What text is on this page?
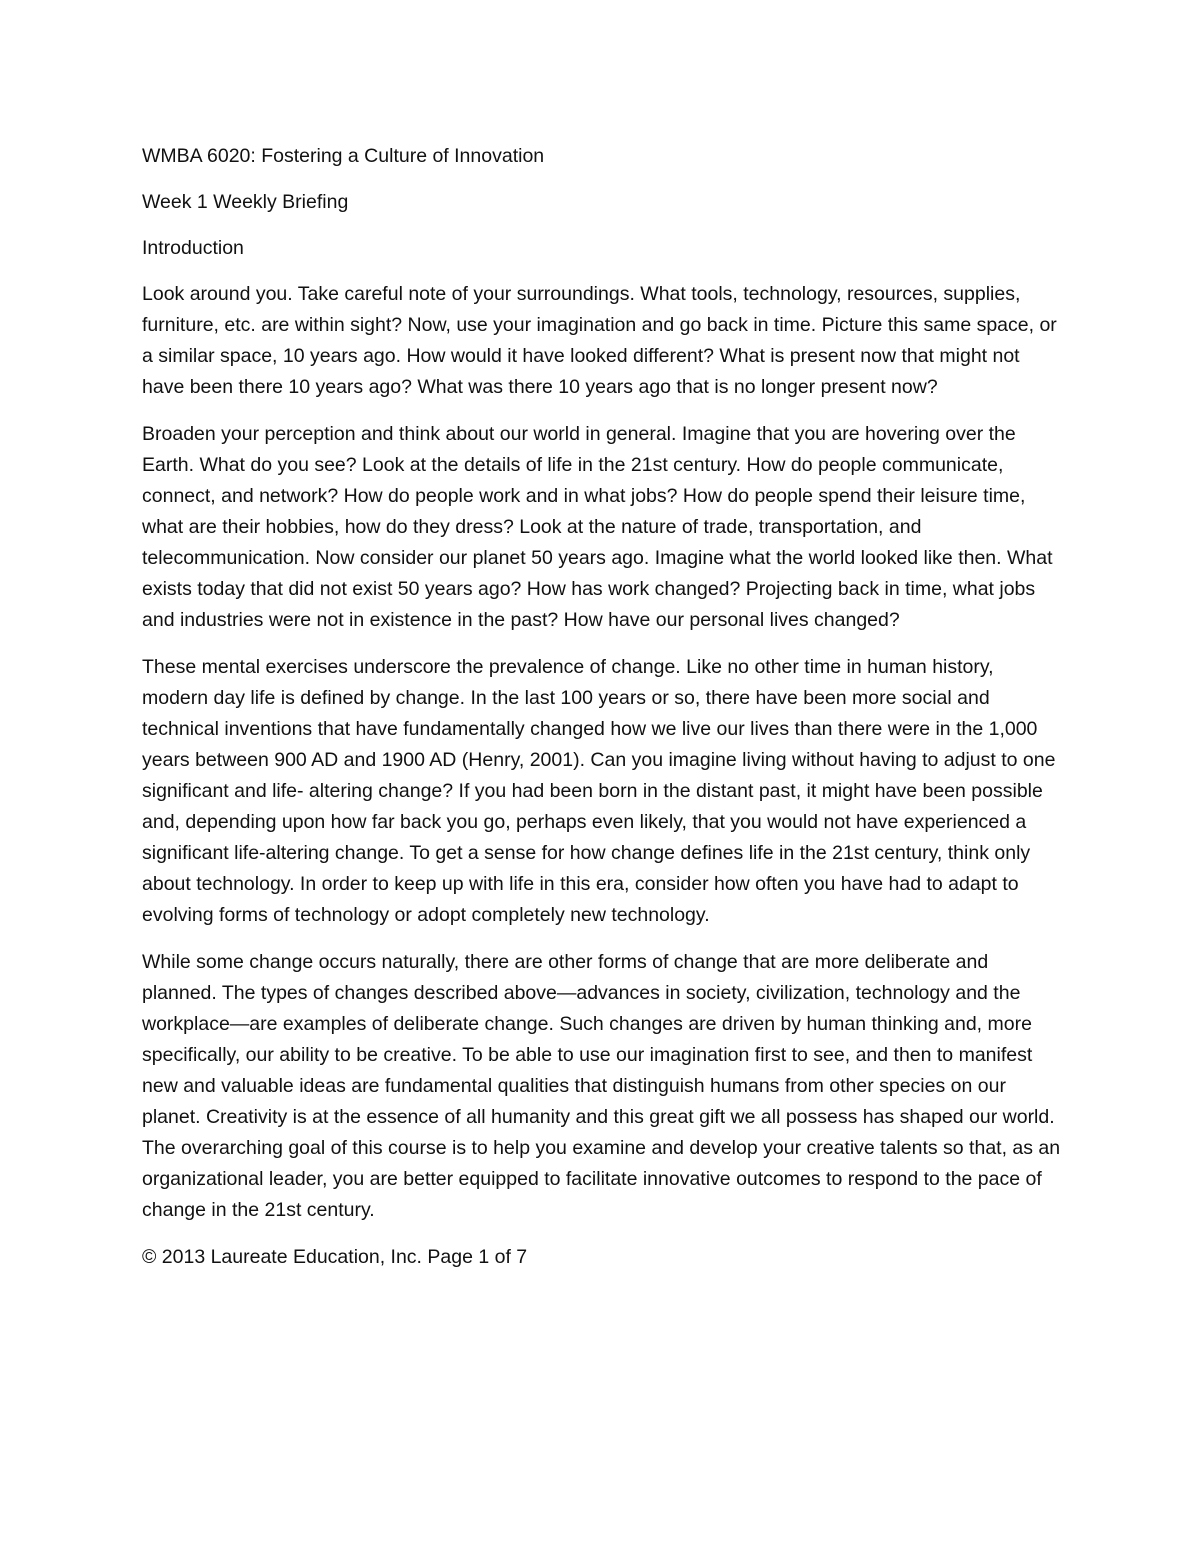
WMBA 6020: Fostering a Culture of Innovation

Week 1 Weekly Briefing

Introduction

Look around you. Take careful note of your surroundings. What tools, technology, resources, supplies, furniture, etc. are within sight? Now, use your imagination and go back in time. Picture this same space, or a similar space, 10 years ago. How would it have looked different? What is present now that might not have been there 10 years ago? What was there 10 years ago that is no longer present now?

Broaden your perception and think about our world in general. Imagine that you are hovering over the Earth. What do you see? Look at the details of life in the 21st century. How do people communicate, connect, and network? How do people work and in what jobs? How do people spend their leisure time, what are their hobbies, how do they dress? Look at the nature of trade, transportation, and telecommunication. Now consider our planet 50 years ago. Imagine what the world looked like then. What exists today that did not exist 50 years ago? How has work changed? Projecting back in time, what jobs and industries were not in existence in the past? How have our personal lives changed?

These mental exercises underscore the prevalence of change. Like no other time in human history, modern day life is defined by change. In the last 100 years or so, there have been more social and technical inventions that have fundamentally changed how we live our lives than there were in the 1,000 years between 900 AD and 1900 AD (Henry, 2001). Can you imagine living without having to adjust to one significant and life- altering change? If you had been born in the distant past, it might have been possible and, depending upon how far back you go, perhaps even likely, that you would not have experienced a significant life-altering change. To get a sense for how change defines life in the 21st century, think only about technology. In order to keep up with life in this era, consider how often you have had to adapt to evolving forms of technology or adopt completely new technology.

While some change occurs naturally, there are other forms of change that are more deliberate and planned. The types of changes described above—advances in society, civilization, technology and the workplace—are examples of deliberate change. Such changes are driven by human thinking and, more specifically, our ability to be creative. To be able to use our imagination first to see, and then to manifest new and valuable ideas are fundamental qualities that distinguish humans from other species on our planet. Creativity is at the essence of all humanity and this great gift we all possess has shaped our world. The overarching goal of this course is to help you examine and develop your creative talents so that, as an organizational leader, you are better equipped to facilitate innovative outcomes to respond to the pace of change in the 21st century.

© 2013 Laureate Education, Inc. Page 1 of 7
